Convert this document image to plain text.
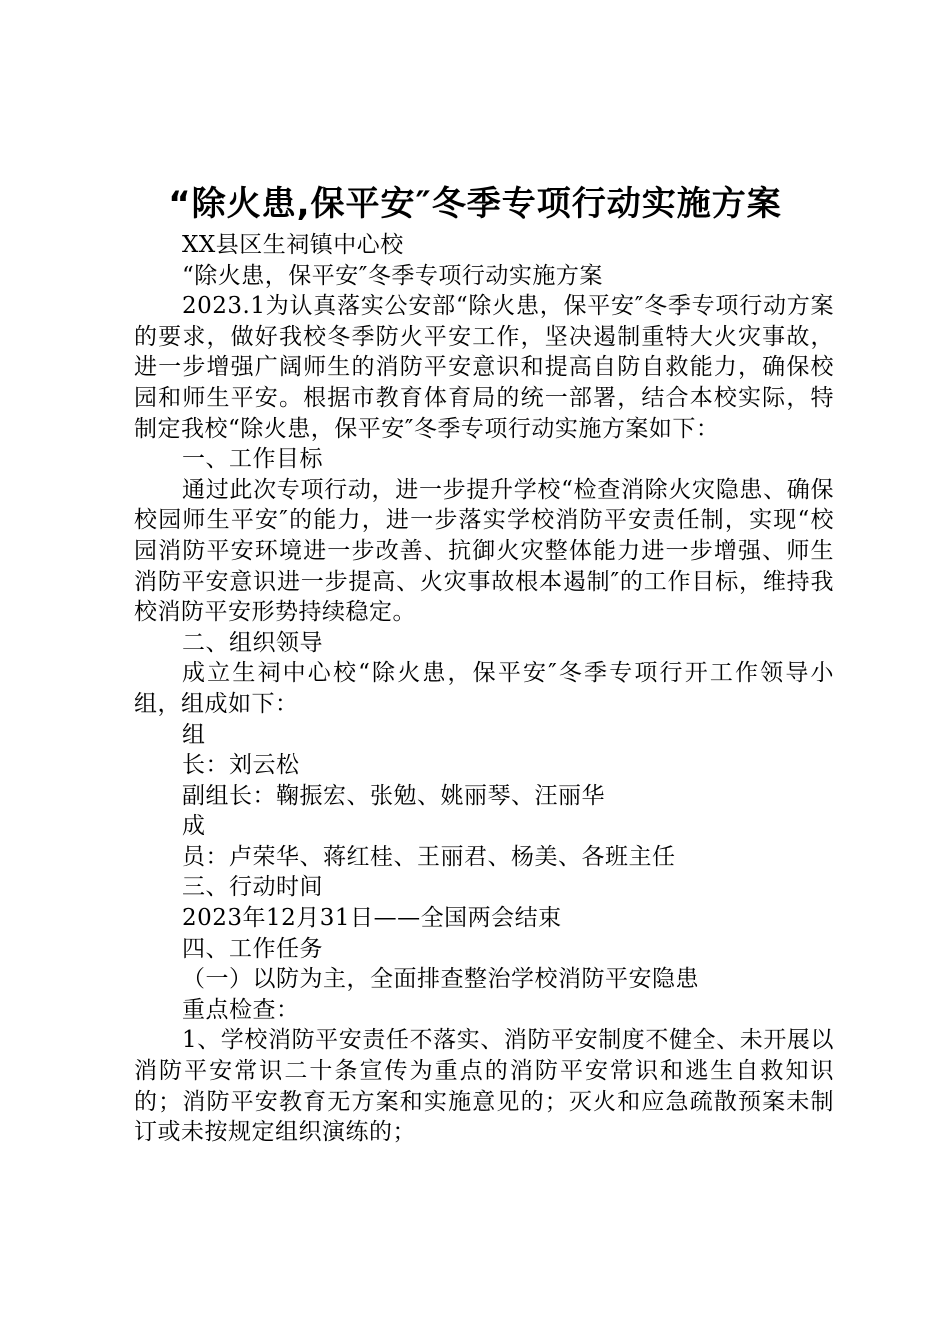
“除火患,保平安″冬季专项行动实施方案

XX县区生祠镇中心校

“除火患，保平安″冬季专项行动实施方案

2023.1为认真落实公安部“除火患，保平安″冬季专项行动方案的要求，做好我校冬季防火平安工作，坚决遏制重特大火灾事故，进一步增强广阔师生的消防平安意识和提高自防自救能力，确保校园和师生平安。根据市教育体育局的统一部署，结合本校实际，特制定我校“除火患，保平安″冬季专项行动实施方案如下：

一、工作目标

通过此次专项行动，进一步提升学校“检查消除火灾隐患、确保校园师生平安″的能力，进一步落实学校消防平安责任制，实现“校园消防平安环境进一步改善、抗御火灾整体能力进一步增强、师生消防平安意识进一步提高、火灾事故根本遏制″的工作目标，维持我校消防平安形势持续稳定。

二、组织领导

成立生祠中心校“除火患，保平安″冬季专项行开工作领导小组，组成如下：

组

长：刘云松

副组长：鞠振宏、张勉、姚丽琴、汪丽华

成

员：卢荣华、蒋红桂、王丽君、杨美、各班主任

三、行动时间

2023年12月31日——全国两会结束

四、工作任务

（一）以防为主，全面排查整治学校消防平安隐患

重点检查：

1、学校消防平安责任不落实、消防平安制度不健全、未开展以消防平安常识二十条宣传为重点的消防平安常识和逃生自救知识的；消防平安教育无方案和实施意见的；灭火和应急疏散预案未制订或未按规定组织演练的；
